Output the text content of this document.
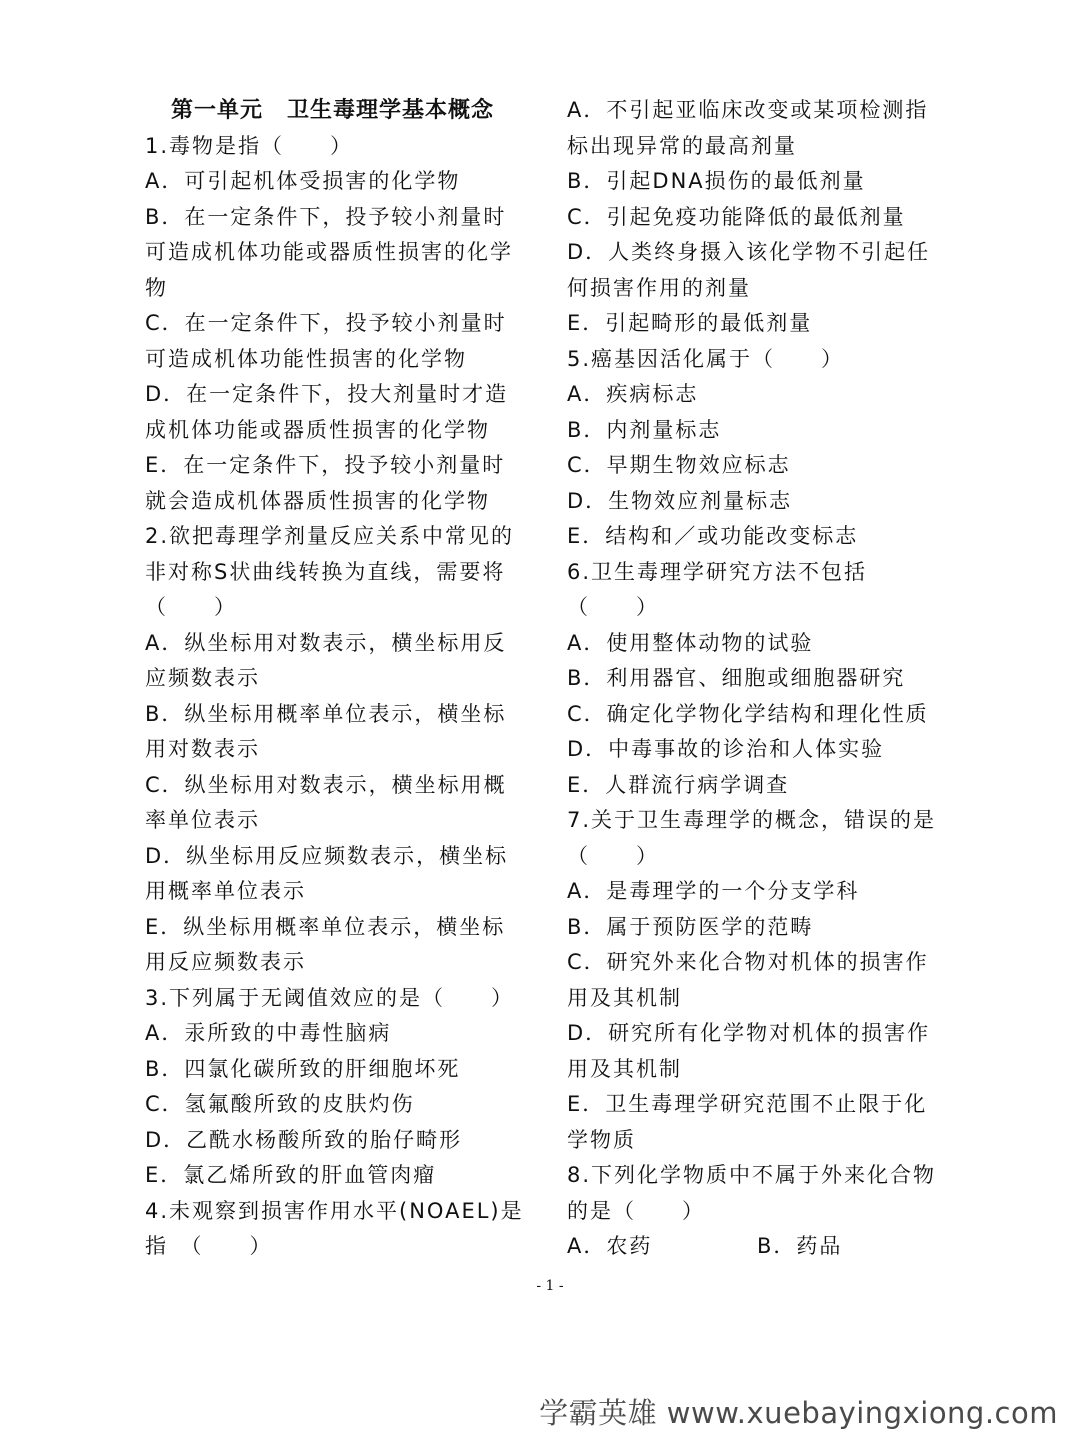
第一单元 卫生毒理学基本概念
1.毒物是指（　　）
A．可引起机体受损害的化学物
B．在一定条件下，投予较小剂量时
可造成机体功能或器质性损害的化学
物
C．在一定条件下，投予较小剂量时
可造成机体功能性损害的化学物
D．在一定条件下，投大剂量时才造
成机体功能或器质性损害的化学物
E．在一定条件下，投予较小剂量时
就会造成机体器质性损害的化学物
2.欲把毒理学剂量反应关系中常见的
非对称S状曲线转换为直线，需要将
（　　）
A．纵坐标用对数表示，横坐标用反
应频数表示
B．纵坐标用概率单位表示，横坐标
用对数表示
C．纵坐标用对数表示，横坐标用概
率单位表示
D．纵坐标用反应频数表示，横坐标
用概率单位表示
E．纵坐标用概率单位表示，横坐标
用反应频数表示
3.下列属于无阈值效应的是（　　）
A．汞所致的中毒性脑病
B．四氯化碳所致的肝细胞坏死
C．氢氟酸所致的皮肤灼伤
D．乙酰水杨酸所致的胎仔畸形
E．氯乙烯所致的肝血管肉瘤
4.未观察到损害作用水平(NOAEL)是
指　（　　）
A．不引起亚临床改变或某项检测指
标出现异常的最高剂量
B．引起DNA损伤的最低剂量
C．引起免疫功能降低的最低剂量
D．人类终身摄入该化学物不引起任
何损害作用的剂量
E．引起畸形的最低剂量
5.癌基因活化属于（　　）
A．疾病标志
B．内剂量标志
C．早期生物效应标志
D．生物效应剂量标志
E．结构和／或功能改变标志
6.卫生毒理学研究方法不包括
（　　）
A．使用整体动物的试验
B．利用器官、细胞或细胞器研究
C．确定化学物化学结构和理化性质
D．中毒事故的诊治和人体实验
E．人群流行病学调查
7.关于卫生毒理学的概念，错误的是
（　　）
A．是毒理学的一个分支学科
B．属于预防医学的范畴
C．研究外来化合物对机体的损害作
用及其机制
D．研究所有化学物对机体的损害作
用及其机制
E．卫生毒理学研究范围不止限于化
学物质
8.下列化学物质中不属于外来化合物
的是（　　）
A．农药	B．药品
- 1 -
学霸英雄 www.xuebayingxiong.com
